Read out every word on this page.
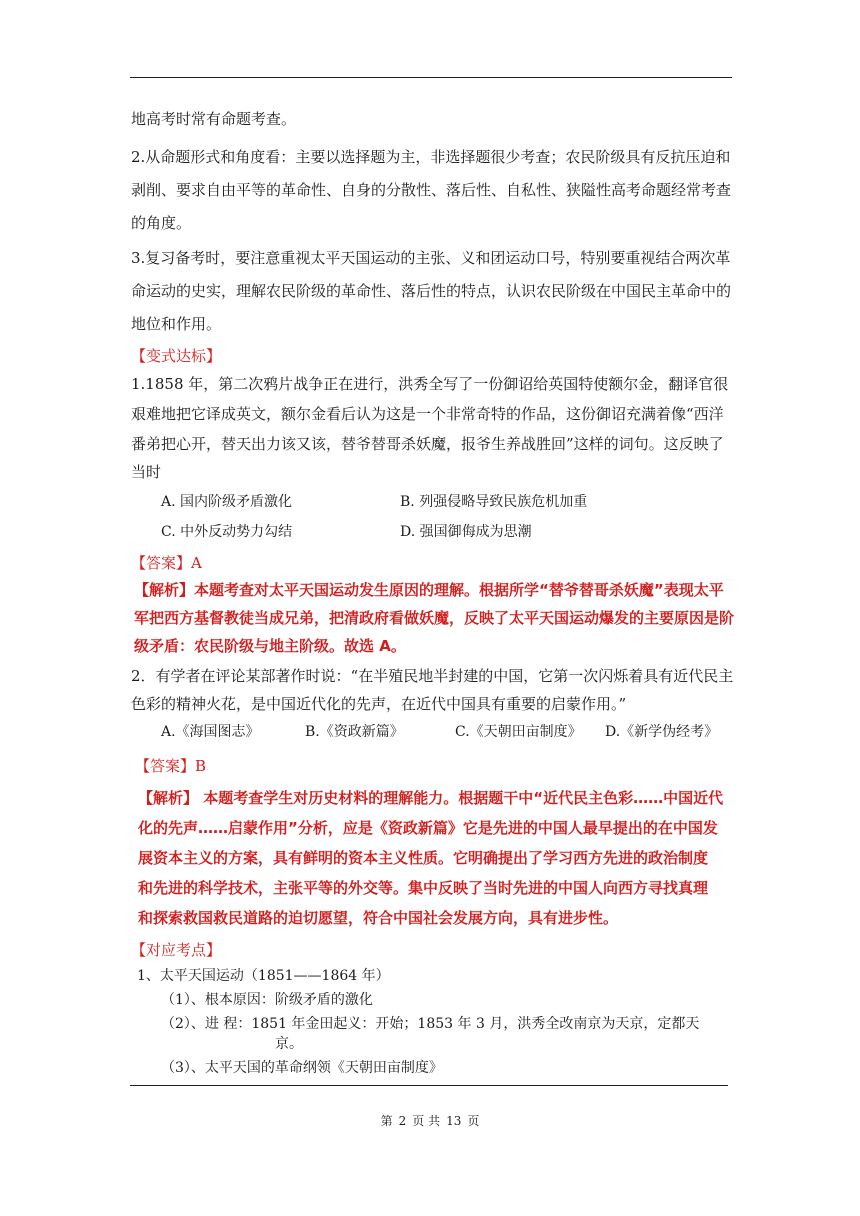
地高考时常有命题考查。
2.从命题形式和角度看：主要以选择题为主，非选择题很少考查；农民阶级具有反抗压迫和
剥削、要求自由平等的革命性、自身的分散性、落后性、自私性、狭隘性高考命题经常考查
的角度。
3.复习备考时，要注意重视太平天国运动的主张、义和团运动口号，特别要重视结合两次革
命运动的史实，理解农民阶级的革命性、落后性的特点，认识农民阶级在中国民主革命中的
地位和作用。
【变式达标】
1.1858 年，第二次鸦片战争正在进行，洪秀全写了一份御诏给英国特使额尔金，翻译官很
艰难地把它译成英文，额尔金看后认为这是一个非常奇特的作品，这份御诏充满着像“西洋
番弟把心开，替天出力该又该，替爷替哥杀妖魔，报爷生养战胜回”这样的词句。这反映了
当时
A. 国内阶级矛盾激化	B. 列强侵略导致民族危机加重
C. 中外反动势力勾结	D. 强国御侮成为思潮
【答案】A
【解析】本题考查对太平天国运动发生原因的理解。根据所学“替爷替哥杀妖魔”表现太平
军把西方基督教徒当成兄弟，把清政府看做妖魔，反映了太平天国运动爆发的主要原因是阶
级矛盾：农民阶级与地主阶级。故选 A。
2．有学者在评论某部著作时说：“在半殖民地半封建的中国，它第一次闪烁着具有近代民主
色彩的精神火花，是中国近代化的先声，在近代中国具有重要的启蒙作用。”
A.《海国图志》	B.《资政新篇》	C.《天朝田亩制度》 D.《新学伪经考》
【答案】B
【解析】 本题考查学生对历史材料的理解能力。根据题干中“近代民主色彩……中国近代
化的先声……启蒙作用”分析，应是《资政新篇》它是先进的中国人最早提出的在中国发
展资本主义的方案，具有鲜明的资本主义性质。它明确提出了学习西方先进的政治制度
和先进的科学技术，主张平等的外交等。集中反映了当时先进的中国人向西方寻找真理
和探索救国救民道路的迫切愿望，符合中国社会发展方向，具有进步性。
【对应考点】
1、太平天国运动（1851——1864 年）
（1）、根本原因：阶级矛盾的激化
（2）、进 程：1851 年金田起义：开始；1853 年 3 月，洪秀全改南京为天京，定都天
京。
（3）、太平天国的革命纲领《天朝田亩制度》
第 2 页 共 13 页
